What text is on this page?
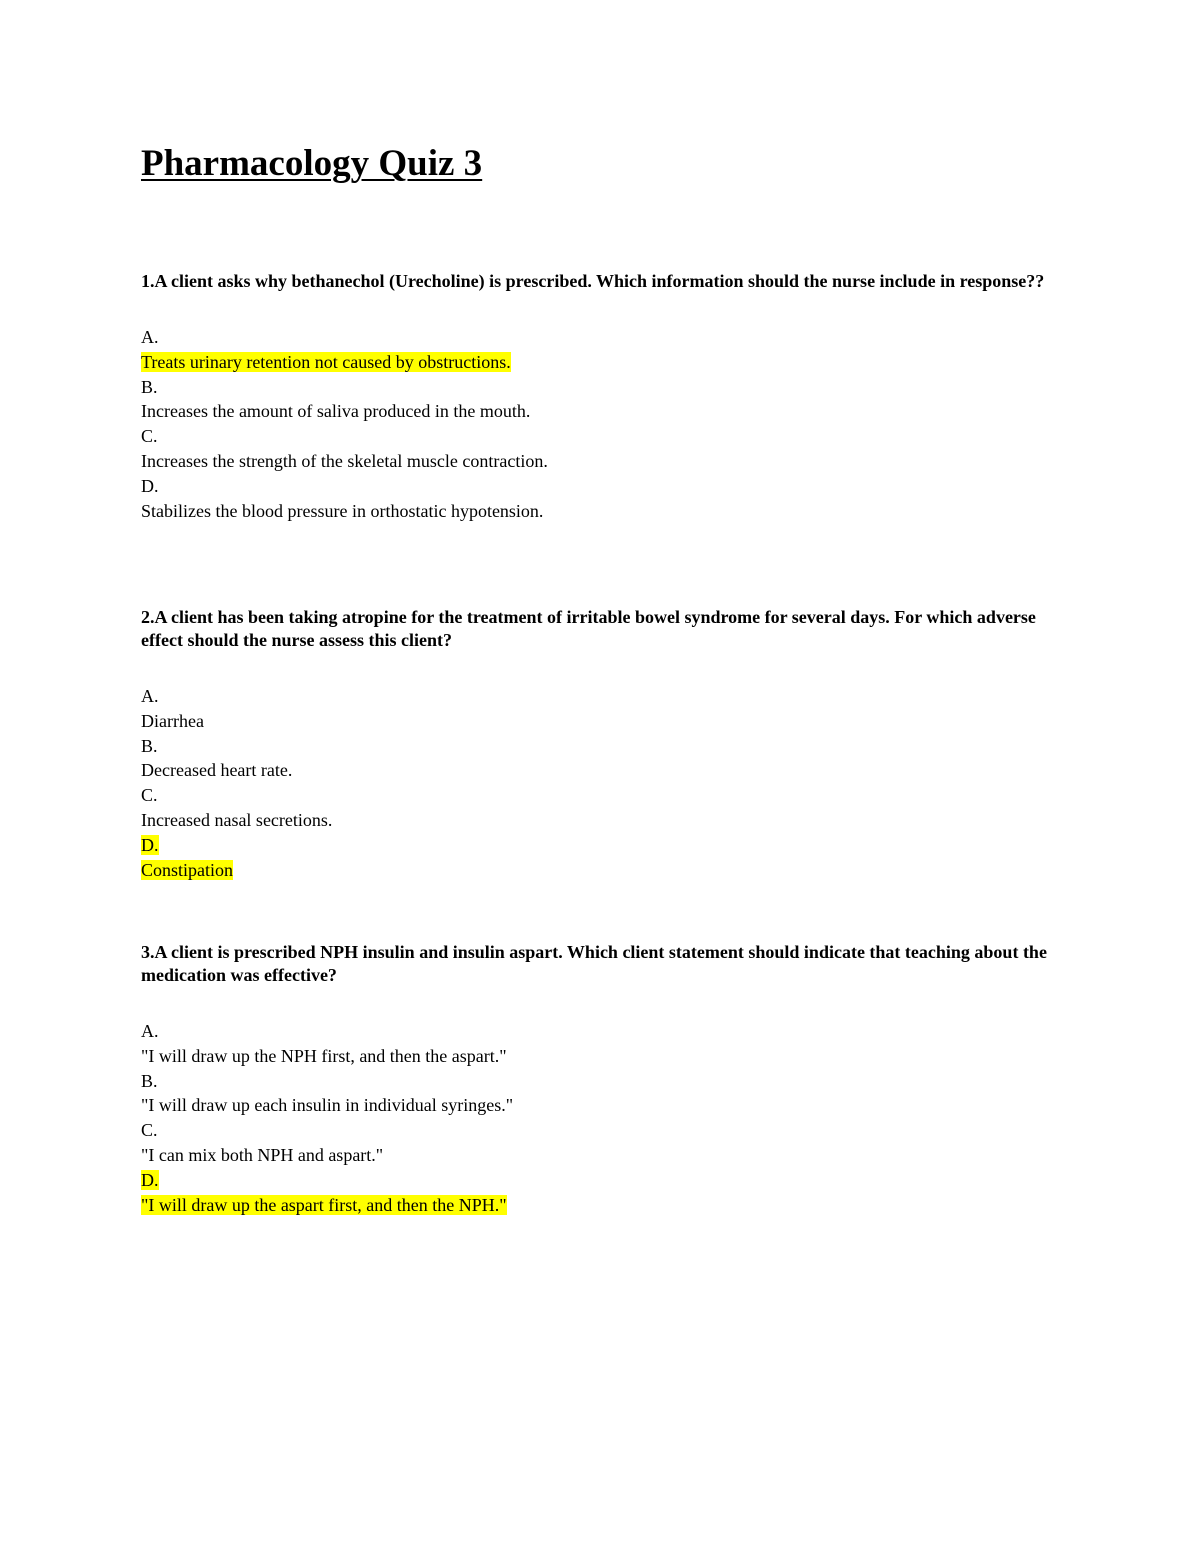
Pharmacology Quiz 3

1.A client asks why bethanechol (Urecholine) is prescribed. Which information should the nurse include in response??

A.
Treats urinary retention not caused by obstructions.
B.
Increases the amount of saliva produced in the mouth.
C.
Increases the strength of the skeletal muscle contraction.
D.
Stabilizes the blood pressure in orthostatic hypotension.

2.A client has been taking atropine for the treatment of irritable bowel syndrome for several days. For which adverse effect should the nurse assess this client?

A.
Diarrhea
B.
Decreased heart rate.
C.
Increased nasal secretions.
D.
Constipation

3.A client is prescribed NPH insulin and insulin aspart. Which client statement should indicate that teaching about the medication was effective?

A.
"I will draw up the NPH first, and then the aspart."
B.
"I will draw up each insulin in individual syringes."
C.
"I can mix both NPH and aspart."
D.
"I will draw up the aspart first, and then the NPH."
